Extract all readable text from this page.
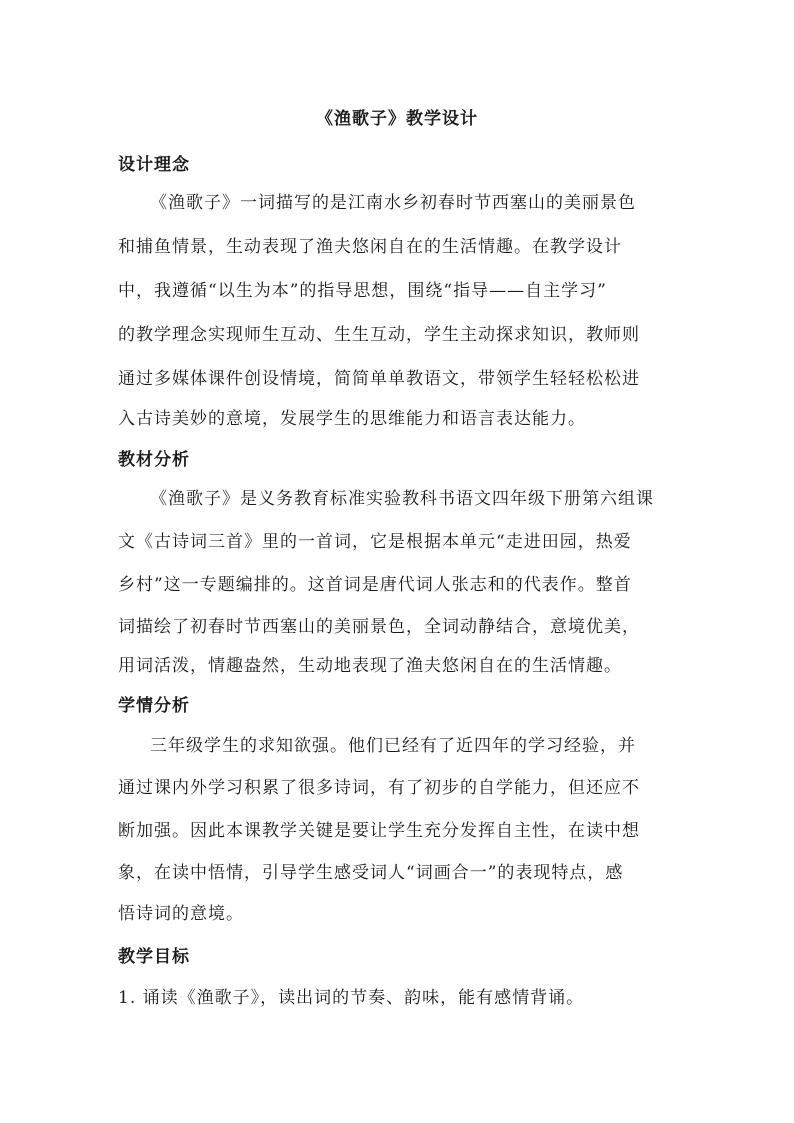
《渔歌子》教学设计
设计理念
《渔歌子》一词描写的是江南水乡初春时节西塞山的美丽景色
和捕鱼情景，生动表现了渔夫悠闲自在的生活情趣。在教学设计
中，我遵循“以生为本”的指导思想，围绕“指导——自主学习”
的教学理念实现师生互动、生生互动，学生主动探求知识，教师则
通过多媒体课件创设情境，简简单单教语文，带领学生轻轻松松进
入古诗美妙的意境，发展学生的思维能力和语言表达能力。
教材分析
《渔歌子》是义务教育标准实验教科书语文四年级下册第六组课
文《古诗词三首》里的一首词，它是根据本单元“走进田园，热爱
乡村”这一专题编排的。这首词是唐代词人张志和的代表作。整首
词描绘了初春时节西塞山的美丽景色，全词动静结合，意境优美，
用词活泼，情趣盎然，生动地表现了渔夫悠闲自在的生活情趣。
学情分析
三年级学生的求知欲强。他们已经有了近四年的学习经验，并
通过课内外学习积累了很多诗词，有了初步的自学能力，但还应不
断加强。因此本课教学关键是要让学生充分发挥自主性，在读中想
象，在读中悟情，引导学生感受词人“词画合一”的表现特点，感
悟诗词的意境。
教学目标
1. 诵读《渔歌子》，读出词的节奏、韵味，能有感情背诵。
